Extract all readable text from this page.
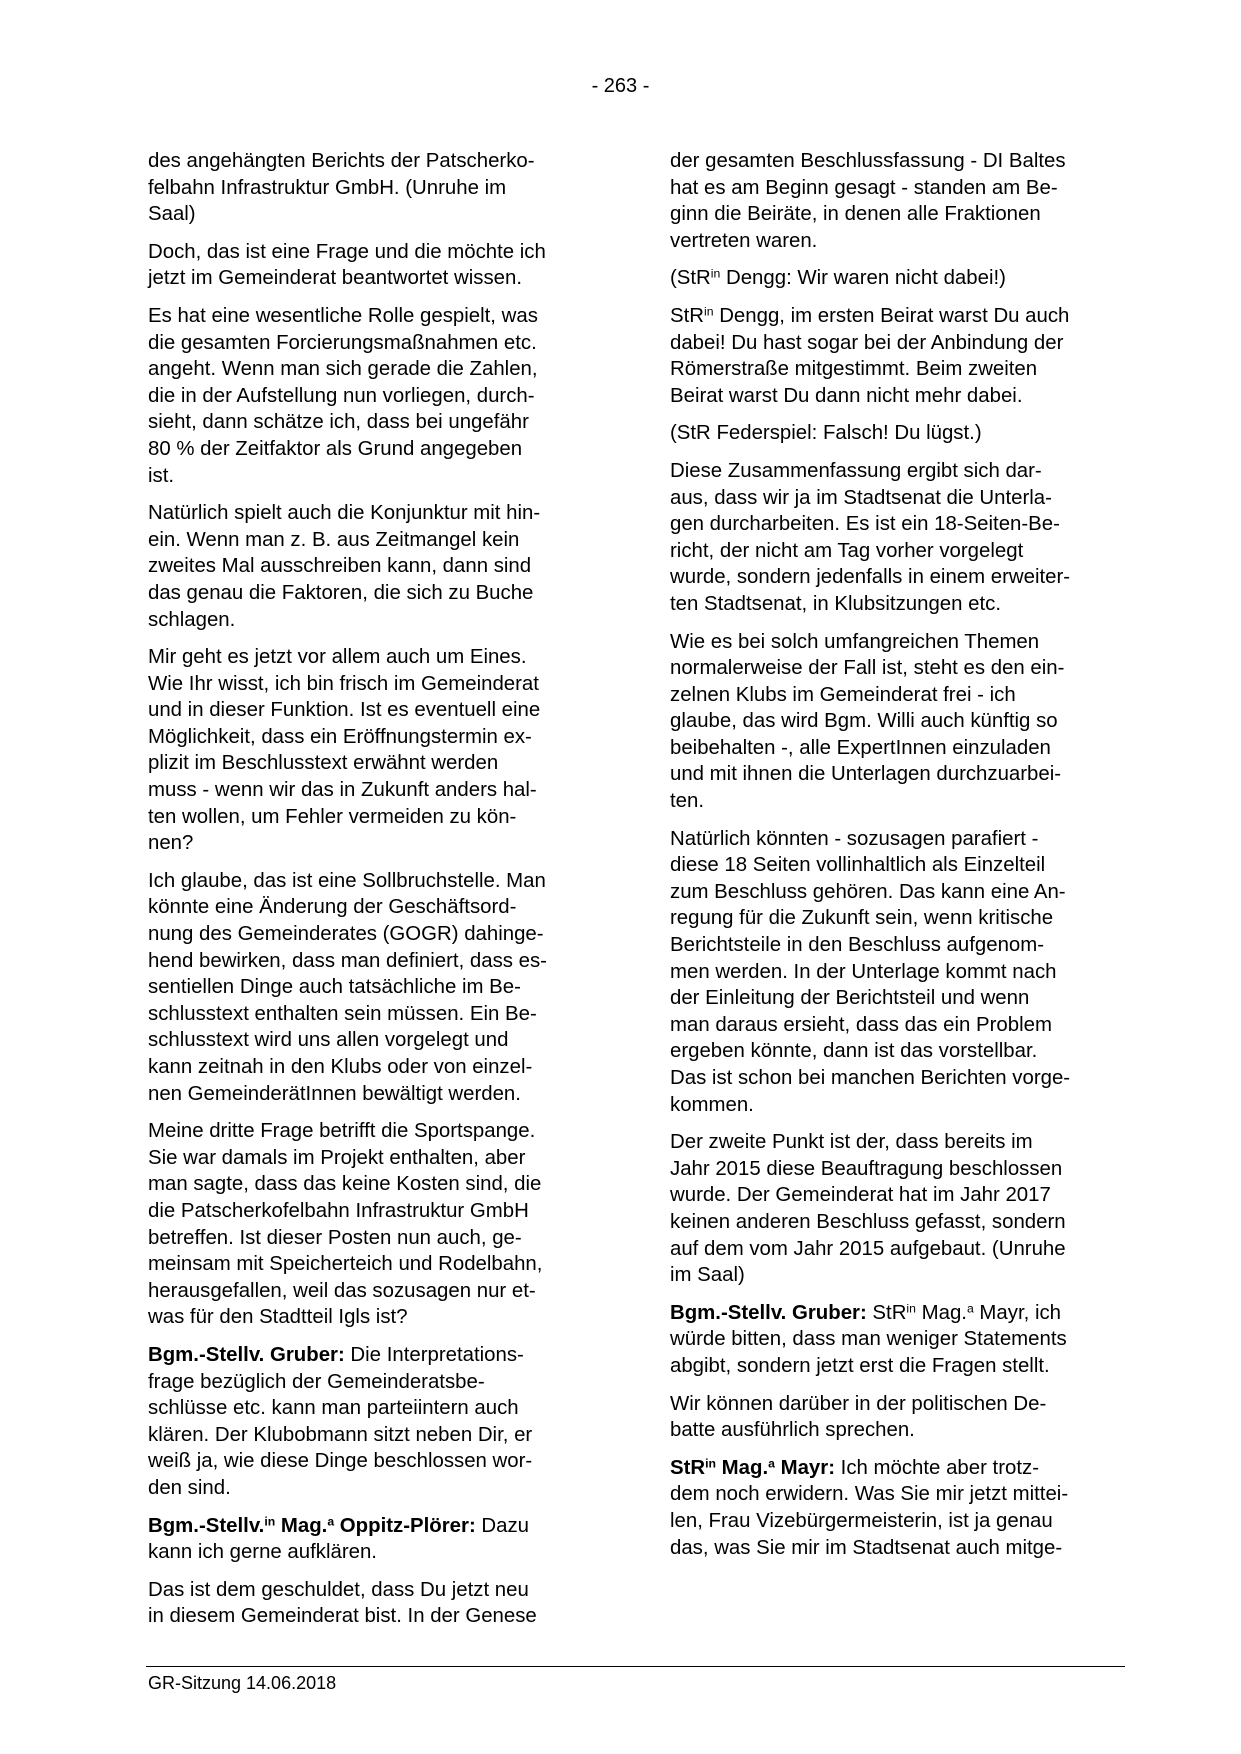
- 263 -

des angehängten Berichts der Patscherko-
felbahn Infrastruktur GmbH. (Unruhe im
Saal)

Doch, das ist eine Frage und die möchte ich
jetzt im Gemeinderat beantwortet wissen.

Es hat eine wesentliche Rolle gespielt, was
die gesamten Forcierungsmaßnahmen etc.
angeht. Wenn man sich gerade die Zahlen,
die in der Aufstellung nun vorliegen, durch-
sieht, dann schätze ich, dass bei ungefähr
80 % der Zeitfaktor als Grund angegeben
ist.

Natürlich spielt auch die Konjunktur mit hin-
ein. Wenn man z. B. aus Zeitmangel kein
zweites Mal ausschreiben kann, dann sind
das genau die Faktoren, die sich zu Buche
schlagen.

Mir geht es jetzt vor allem auch um Eines.
Wie Ihr wisst, ich bin frisch im Gemeinderat
und in dieser Funktion. Ist es eventuell eine
Möglichkeit, dass ein Eröffnungstermin ex-
plizit im Beschlusstext erwähnt werden
muss - wenn wir das in Zukunft anders hal-
ten wollen, um Fehler vermeiden zu kön-
nen?

Ich glaube, das ist eine Sollbruchstelle. Man
könnte eine Änderung der Geschäftsord-
nung des Gemeinderates (GOGR) dahinge-
hend bewirken, dass man definiert, dass es-
sentiellen Dinge auch tatsächliche im Be-
schlusstext enthalten sein müssen. Ein Be-
schlusstext wird uns allen vorgelegt und
kann zeitnah in den Klubs oder von einzel-
nen GemeinderätInnen bewältigt werden.

Meine dritte Frage betrifft die Sportspange.
Sie war damals im Projekt enthalten, aber
man sagte, dass das keine Kosten sind, die
die Patscherkofelbahn Infrastruktur GmbH
betreffen. Ist dieser Posten nun auch, ge-
meinsam mit Speicherteich und Rodelbahn,
herausgefallen, weil das sozusagen nur et-
was für den Stadtteil Igls ist?

Bgm.-Stellv. Gruber: Die Interpretations-
frage bezüglich der Gemeinderatsbe-
schlüsse etc. kann man parteiintern auch
klären. Der Klubobmann sitzt neben Dir, er
weiß ja, wie diese Dinge beschlossen wor-
den sind.

Bgm.-Stellv.$^{in}$ Mag.$^a$ Oppitz-Plörer: Dazu
kann ich gerne aufklären.

Das ist dem geschuldet, dass Du jetzt neu
in diesem Gemeinderat bist. In der Genese

der gesamten Beschlussfassung - DI Baltes
hat es am Beginn gesagt - standen am Be-
ginn die Beiräte, in denen alle Fraktionen
vertreten waren.

(StR$^{in}$ Dengg: Wir waren nicht dabei!)

StR$^{in}$ Dengg, im ersten Beirat warst Du auch
dabei! Du hast sogar bei der Anbindung der
Römerstraße mitgestimmt. Beim zweiten
Beirat warst Du dann nicht mehr dabei.

(StR Federspiel: Falsch! Du lügst.)

Diese Zusammenfassung ergibt sich dar-
aus, dass wir ja im Stadtsenat die Unterla-
gen durcharbeiten. Es ist ein 18-Seiten-Be-
richt, der nicht am Tag vorher vorgelegt
wurde, sondern jedenfalls in einem erweiter-
ten Stadtsenat, in Klubsitzungen etc.

Wie es bei solch umfangreichen Themen
normalerweise der Fall ist, steht es den ein-
zelnen Klubs im Gemeinderat frei - ich
glaube, das wird Bgm. Willi auch künftig so
beibehalten -, alle ExpertInnen einzuladen
und mit ihnen die Unterlagen durchzuarbei-
ten.

Natürlich könnten - sozusagen parafiert -
diese 18 Seiten vollinhaltlich als Einzelteil
zum Beschluss gehören. Das kann eine An-
regung für die Zukunft sein, wenn kritische
Berichtsteile in den Beschluss aufgenom-
men werden. In der Unterlage kommt nach
der Einleitung der Berichtsteil und wenn
man daraus ersieht, dass das ein Problem
ergeben könnte, dann ist das vorstellbar.
Das ist schon bei manchen Berichten vorge-
kommen.

Der zweite Punkt ist der, dass bereits im
Jahr 2015 diese Beauftragung beschlossen
wurde. Der Gemeinderat hat im Jahr 2017
keinen anderen Beschluss gefasst, sondern
auf dem vom Jahr 2015 aufgebaut. (Unruhe
im Saal)

Bgm.-Stellv. Gruber: StR$^{in}$ Mag.$^a$ Mayr, ich
würde bitten, dass man weniger Statements
abgibt, sondern jetzt erst die Fragen stellt.

Wir können darüber in der politischen De-
batte ausführlich sprechen.

StR$^{in}$ Mag.$^a$ Mayr: Ich möchte aber trotz-
dem noch erwidern. Was Sie mir jetzt mittei-
len, Frau Vizebürgermeisterin, ist ja genau
das, was Sie mir im Stadtsenat auch mitge-

GR-Sitzung 14.06.2018
